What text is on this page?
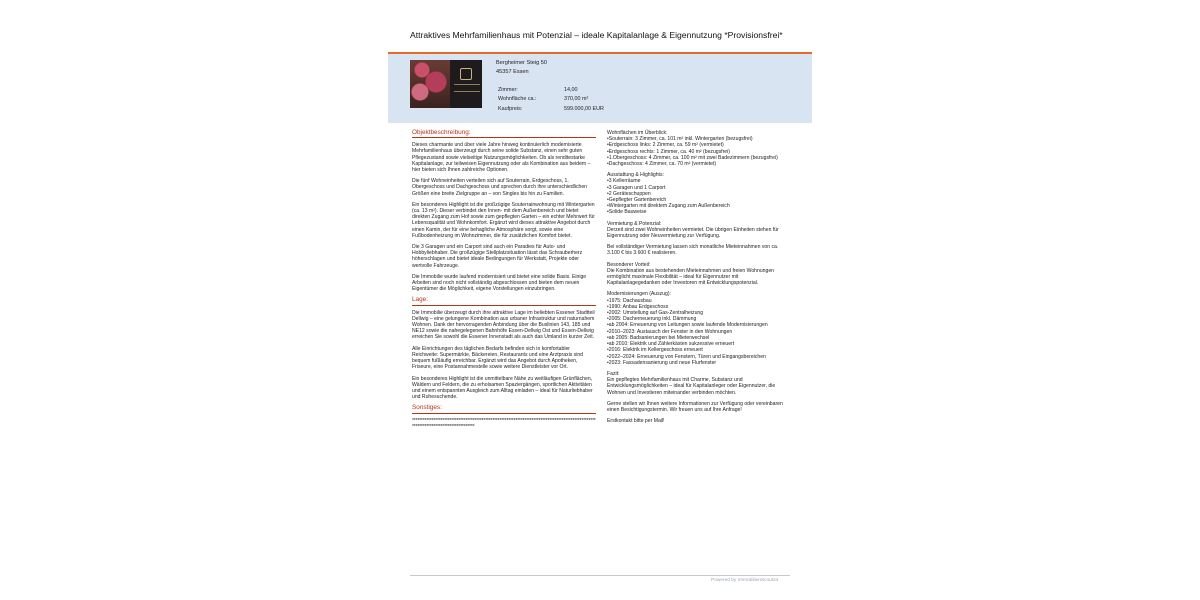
Attraktives Mehrfamilienhaus mit Potenzial – ideale Kapitalanlage & Eigennutzung *Provisionsfrei*
Bergheimer Steig 50
45357 Essen
Zimmer:	14,00
Wohnfläche ca.:	370,00 m²
Kaufpreis:	599.000,00 EUR
Objektbeschreibung:
Dieses charmante und über viele Jahre hinweg kontinuierlich modernisierte Mehrfamilienhaus überzeugt durch seine solide Substanz, einen sehr guten Pflegezustand sowie vielseitige Nutzungsmöglichkeiten. Ob als renditestarke Kapitalanlage, zur teilweisen Eigennutzung oder als Kombination aus beidem – hier bieten sich Ihnen zahlreiche Optionen.
Die fünf Wohneinheiten verteilen sich auf Souterrain, Erdgeschoss, 1. Obergeschoss und Dachgeschoss und sprechen durch ihre unterschiedlichen Größen eine breite Zielgruppe an – von Singles bis hin zu Familien.
Ein besonderes Highlight ist die großzügige Souterrainwohnung mit Wintergarten (ca. 13 m²). Dieser verbindet den Innen- mit dem Außenbereich und bietet direkten Zugang zum Hof sowie zum gepflegten Garten – ein echter Mehrwert für Lebensqualität und Wohnkomfort. Ergänzt wird dieses attraktive Angebot durch einen Kamin, der für eine behagliche Atmosphäre sorgt, sowie eine Fußbodenheizung im Wohnzimmer, die für zusätzlichen Komfort bietet.
Die 3 Garagen und ein Carport sind auch ein Paradies für Auto- und Hobbyliebhaber. Die großzügige Stellplatzsituation lässt das Schrauberherz höherschlagen und bietet ideale Bedingungen für Werkstatt, Projekte oder wertvolle Fahrzeuge.
Die Immobilie wurde laufend modernisiert und bietet eine solide Basis. Einige Arbeiten sind noch nicht vollständig abgeschlossen und bieten dem neuen Eigentümer die Möglichkeit, eigene Vorstellungen einzubringen.
Lage:
Die Immobilie überzeugt durch ihre attraktive Lage im beliebten Essener Stadtteil Dellwig – eine gelungene Kombination aus urbaner Infrastruktur und naturnahem Wohnen. Dank der hervorragenden Anbindung über die Buslinien 143, 185 und NE12 sowie die nahegelegenen Bahnhöfe Essen-Dellwig Ost und Essen-Dellwig erreichen Sie sowohl die Essener Innenstadt als auch das Umland in kurzer Zeit.
Alle Einrichtungen des täglichen Bedarfs befinden sich in komfortabler Reichweite: Supermärkte, Bäckereien, Restaurants und eine Arztpraxis sind bequem fußläufig erreichbar. Ergänzt wird das Angebot durch Apotheken, Friseure, eine Postannahmestelle sowie weitere Dienstleister vor Ort.
Ein besonderes Highlight ist die unmittelbare Nähe zu weitläufigen Grünflächen, Wäldern und Feldern, die zu erholsamen Spaziergängen, sportlichen Aktivitäten und einem entspannten Ausgleich zum Alltag einladen – ideal für Naturliebhaber und Ruhesuchende.
Sonstiges:
******************************************************************************************************************************************
Wohnflächen im Überblick:
•Souterrain: 3 Zimmer, ca. 101 m² inkl. Wintergarten (bezugsfrei)
•Erdgeschoss links: 2 Zimmer, ca. 59 m² (vermietet)
•Erdgeschoss rechts: 1 Zimmer, ca. 40 m² (bezugsfrei)
•1.Obergeschoss: 4 Zimmer, ca. 100 m² mit zwei Badezimmern (bezugsfrei)
•Dachgeschoss: 4 Zimmer, ca. 70 m² (vermietet)
Ausstattung & Highlights:
•3 Kellerräume
•3 Garagen und 1 Carport
•2 Geräteschuppen
•Gepflegter Gartenbereich
•Wintergarten mit direktem Zugang zum Außenbereich
•Solide Bauweise
Vermietung & Potenzial:
Derzeit sind zwei Wohneinheiten vermietet. Die übrigen Einheiten stehen für Eigennutzung oder Neuvermietung zur Verfügung.
Bei vollständiger Vermietung lassen sich monatliche Mieteinnahmen von ca. 3.100 € bis 3.600 € realisieren.
Besonderer Vorteil:
Die Kombination aus bestehenden Mieteinnahmen und freien Wohnungen ermöglicht maximale Flexibilität – ideal für Eigennutzer mit Kapitalanlagegedanken oder Investoren mit Entwicklungspotenzial.
Modernisierungen (Auszug):
•1975: Dachausbau
•1990: Anbau Erdgeschoss
•2002: Umstellung auf Gas-Zentralheizung
•2005: Dacherneuerung inkl. Dämmung
•ab 2004: Erneuerung von Leitungen sowie laufende Modernisierungen
•2010–2023: Austausch der Fenster in den Wohnungen
•ab 2005: Badsanierungen bei Mieterwechsel
•ab 2010: Elektrik und Zählerkästen sukzessive erneuert
•2016: Elektrik im Kellergeschoss erneuert
•2022–2024: Erneuerung von Fenstern, Türen und Eingangsbereichen
•2023: Fassadensanierung und neue Flurfenster
Fazit:
Ein gepflegtes Mehrfamilienhaus mit Charme, Substanz und Entwicklungsmöglichkeiten – ideal für Kapitalanleger oder Eigennutzer, die Wohnen und Investieren miteinander verbinden möchten.
Gerne stellen wir Ihnen weitere Informationen zur Verfügung oder vereinbaren einen Besichtigungstermin. Wir freuen uns auf Ihre Anfrage!
Erstkontakt bitte per Mail!
Powered by ImmobilienScout24
